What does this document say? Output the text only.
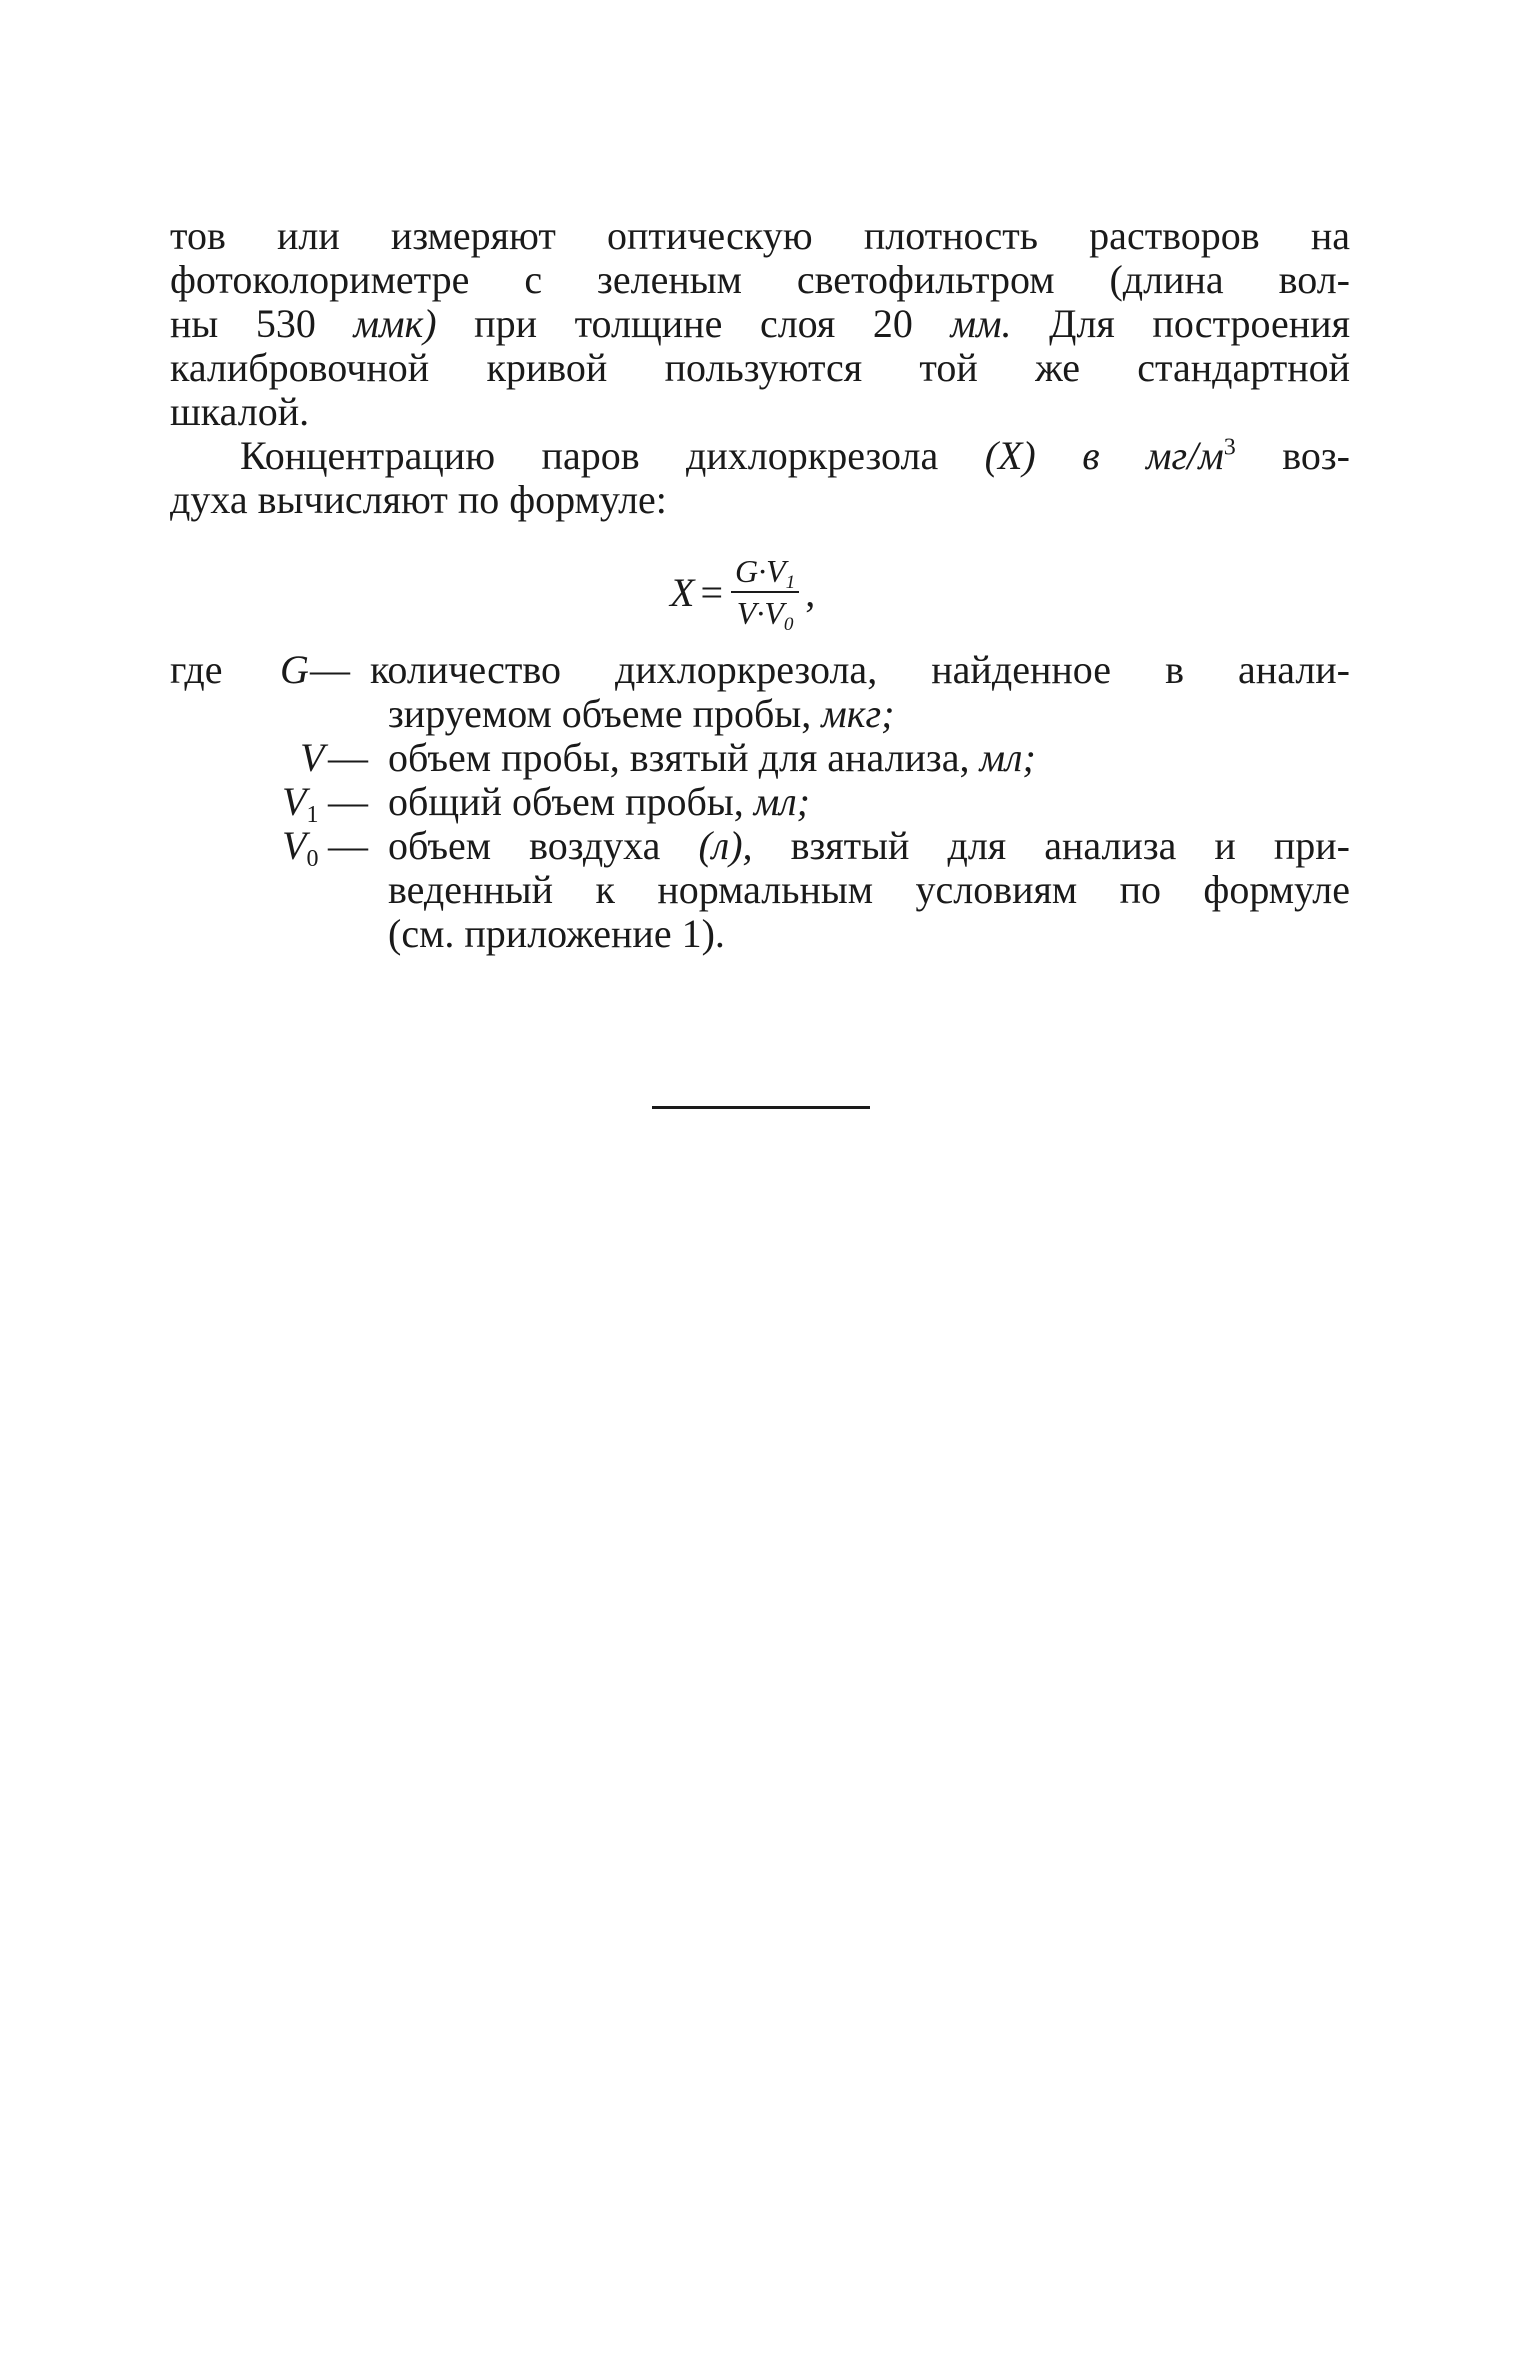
тов или измеряют оптическую плотность растворов на
фотоколориметре с зеленым светофильтром (длина вол-
ны 530 ммк) при толщине слоя 20 мм. Для построения
калибровочной кривой пользуются той же стандартной
шкалой.
Концентрацию паров дихлоркрезола (X) в $мг/м^3$ воз-
духа вычисляют по формуле:
$X = \frac{G\cdot V_1}{V\cdot V_0}$ ,
где G — количество дихлоркрезола, найденное в анали-
зируемом объеме пробы, мкг;
V — объем пробы, взятый для анализа, мл;
$V_1$ — общий объем пробы, мл;
$V_0$ — объем воздуха (л), взятый для анализа и при-
веденный к нормальным условиям по формуле
(см. приложение 1).
